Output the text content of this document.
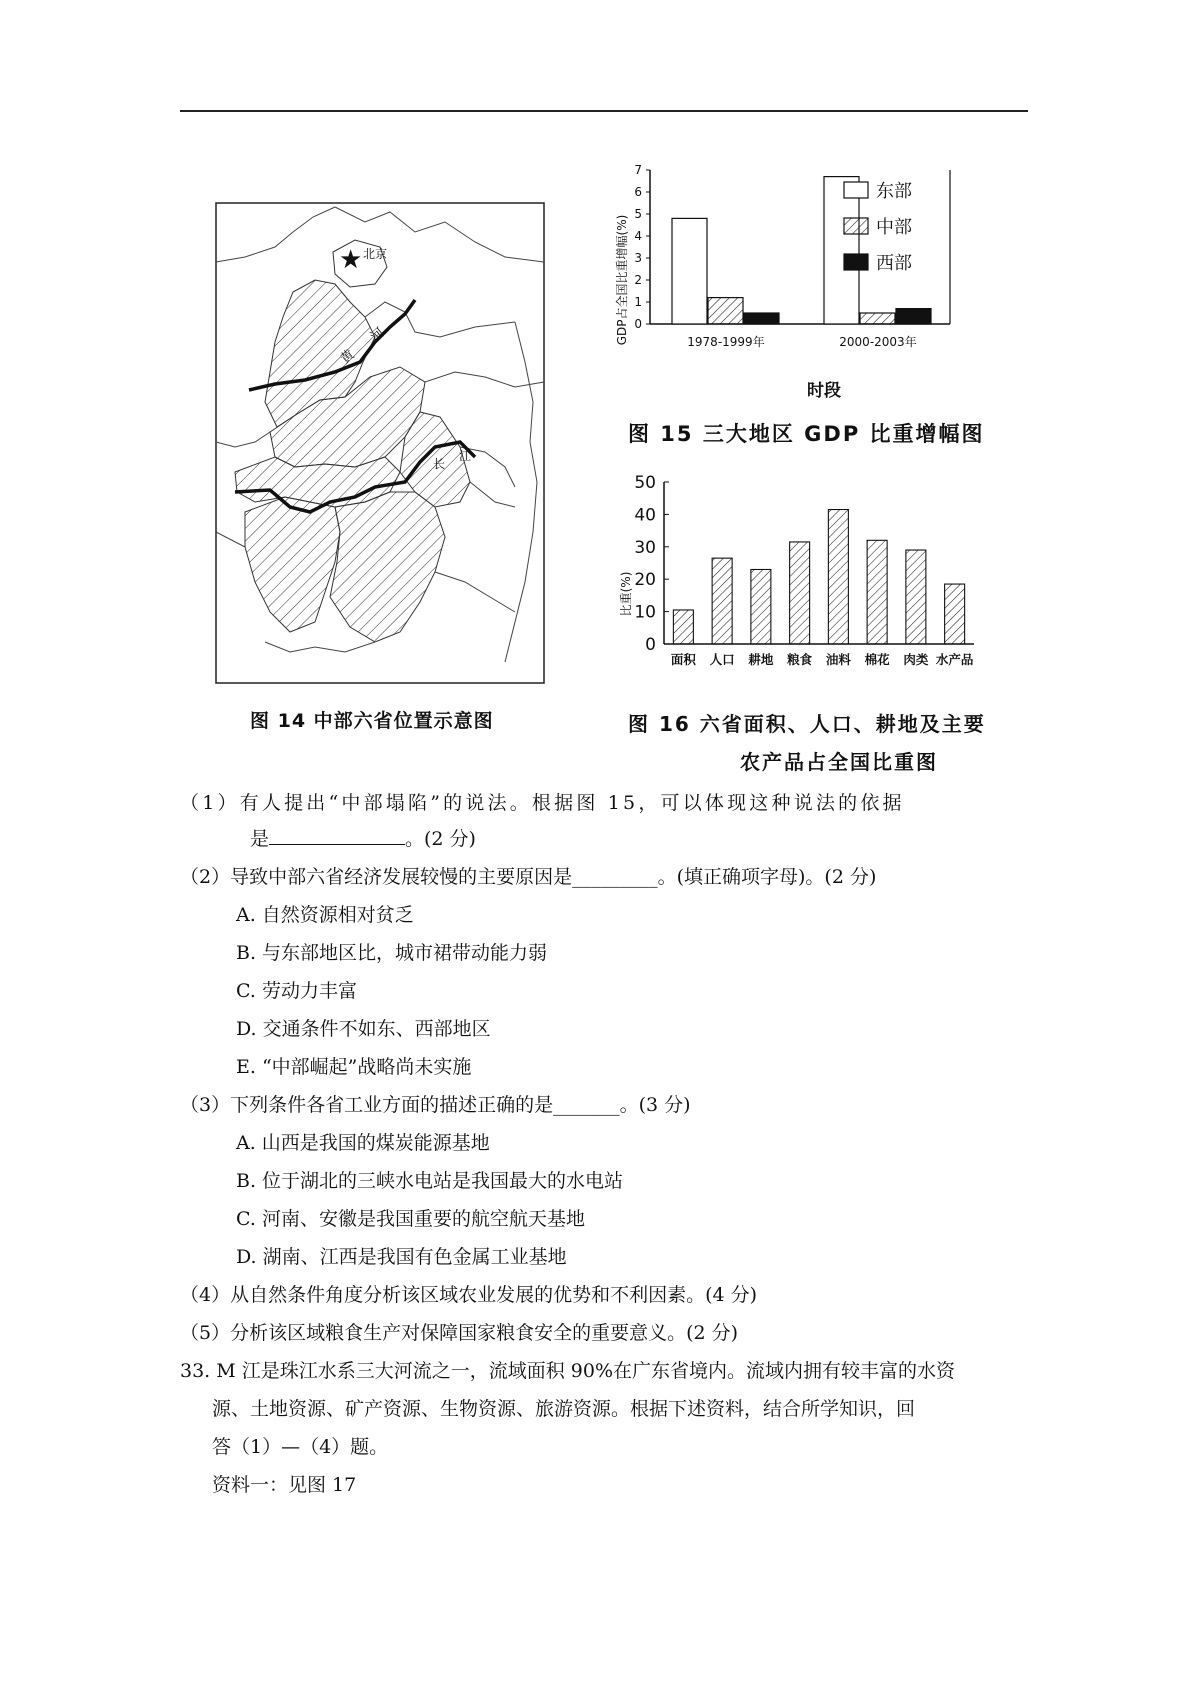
★ 北京
黄
河
长
江
图 14 中部六省位置示意图
0
1
2
3
4
5
6
7
1978-1999年	2000-2003年
东部
中部
西部
GDP占全国比重增幅(%)
时段
图 15 三大地区 GDP 比重增幅图
0
10
20
30
40
50
面积 人口 耕地 粮食 油料 棉花 肉类 水产品
比重(%)
图 16 六省面积、人口、耕地及主要
农产品占全国比重图
（1）有人提出“中部塌陷”的说法。根据图 15，可以体现这种说法的依据
是	。(2 分)
（2）导致中部六省经济发展较慢的主要原因是_________。(填正确项字母)。(2 分)
A. 自然资源相对贫乏
B. 与东部地区比，城市裙带动能力弱
C. 劳动力丰富
D. 交通条件不如东、西部地区
E. “中部崛起”战略尚未实施
（3）下列条件各省工业方面的描述正确的是_______。(3 分)
A. 山西是我国的煤炭能源基地
B. 位于湖北的三峡水电站是我国最大的水电站
C. 河南、安徽是我国重要的航空航天基地
D. 湖南、江西是我国有色金属工业基地
（4）从自然条件角度分析该区域农业发展的优势和不利因素。(4 分)
（5）分析该区域粮食生产对保障国家粮食安全的重要意义。(2 分)
33. M 江是珠江水系三大河流之一，流域面积 90%在广东省境内。流域内拥有较丰富的水资
源、土地资源、矿产资源、生物资源、旅游资源。根据下述资料，结合所学知识，回
答（1）—（4）题。
资料一：见图 17
